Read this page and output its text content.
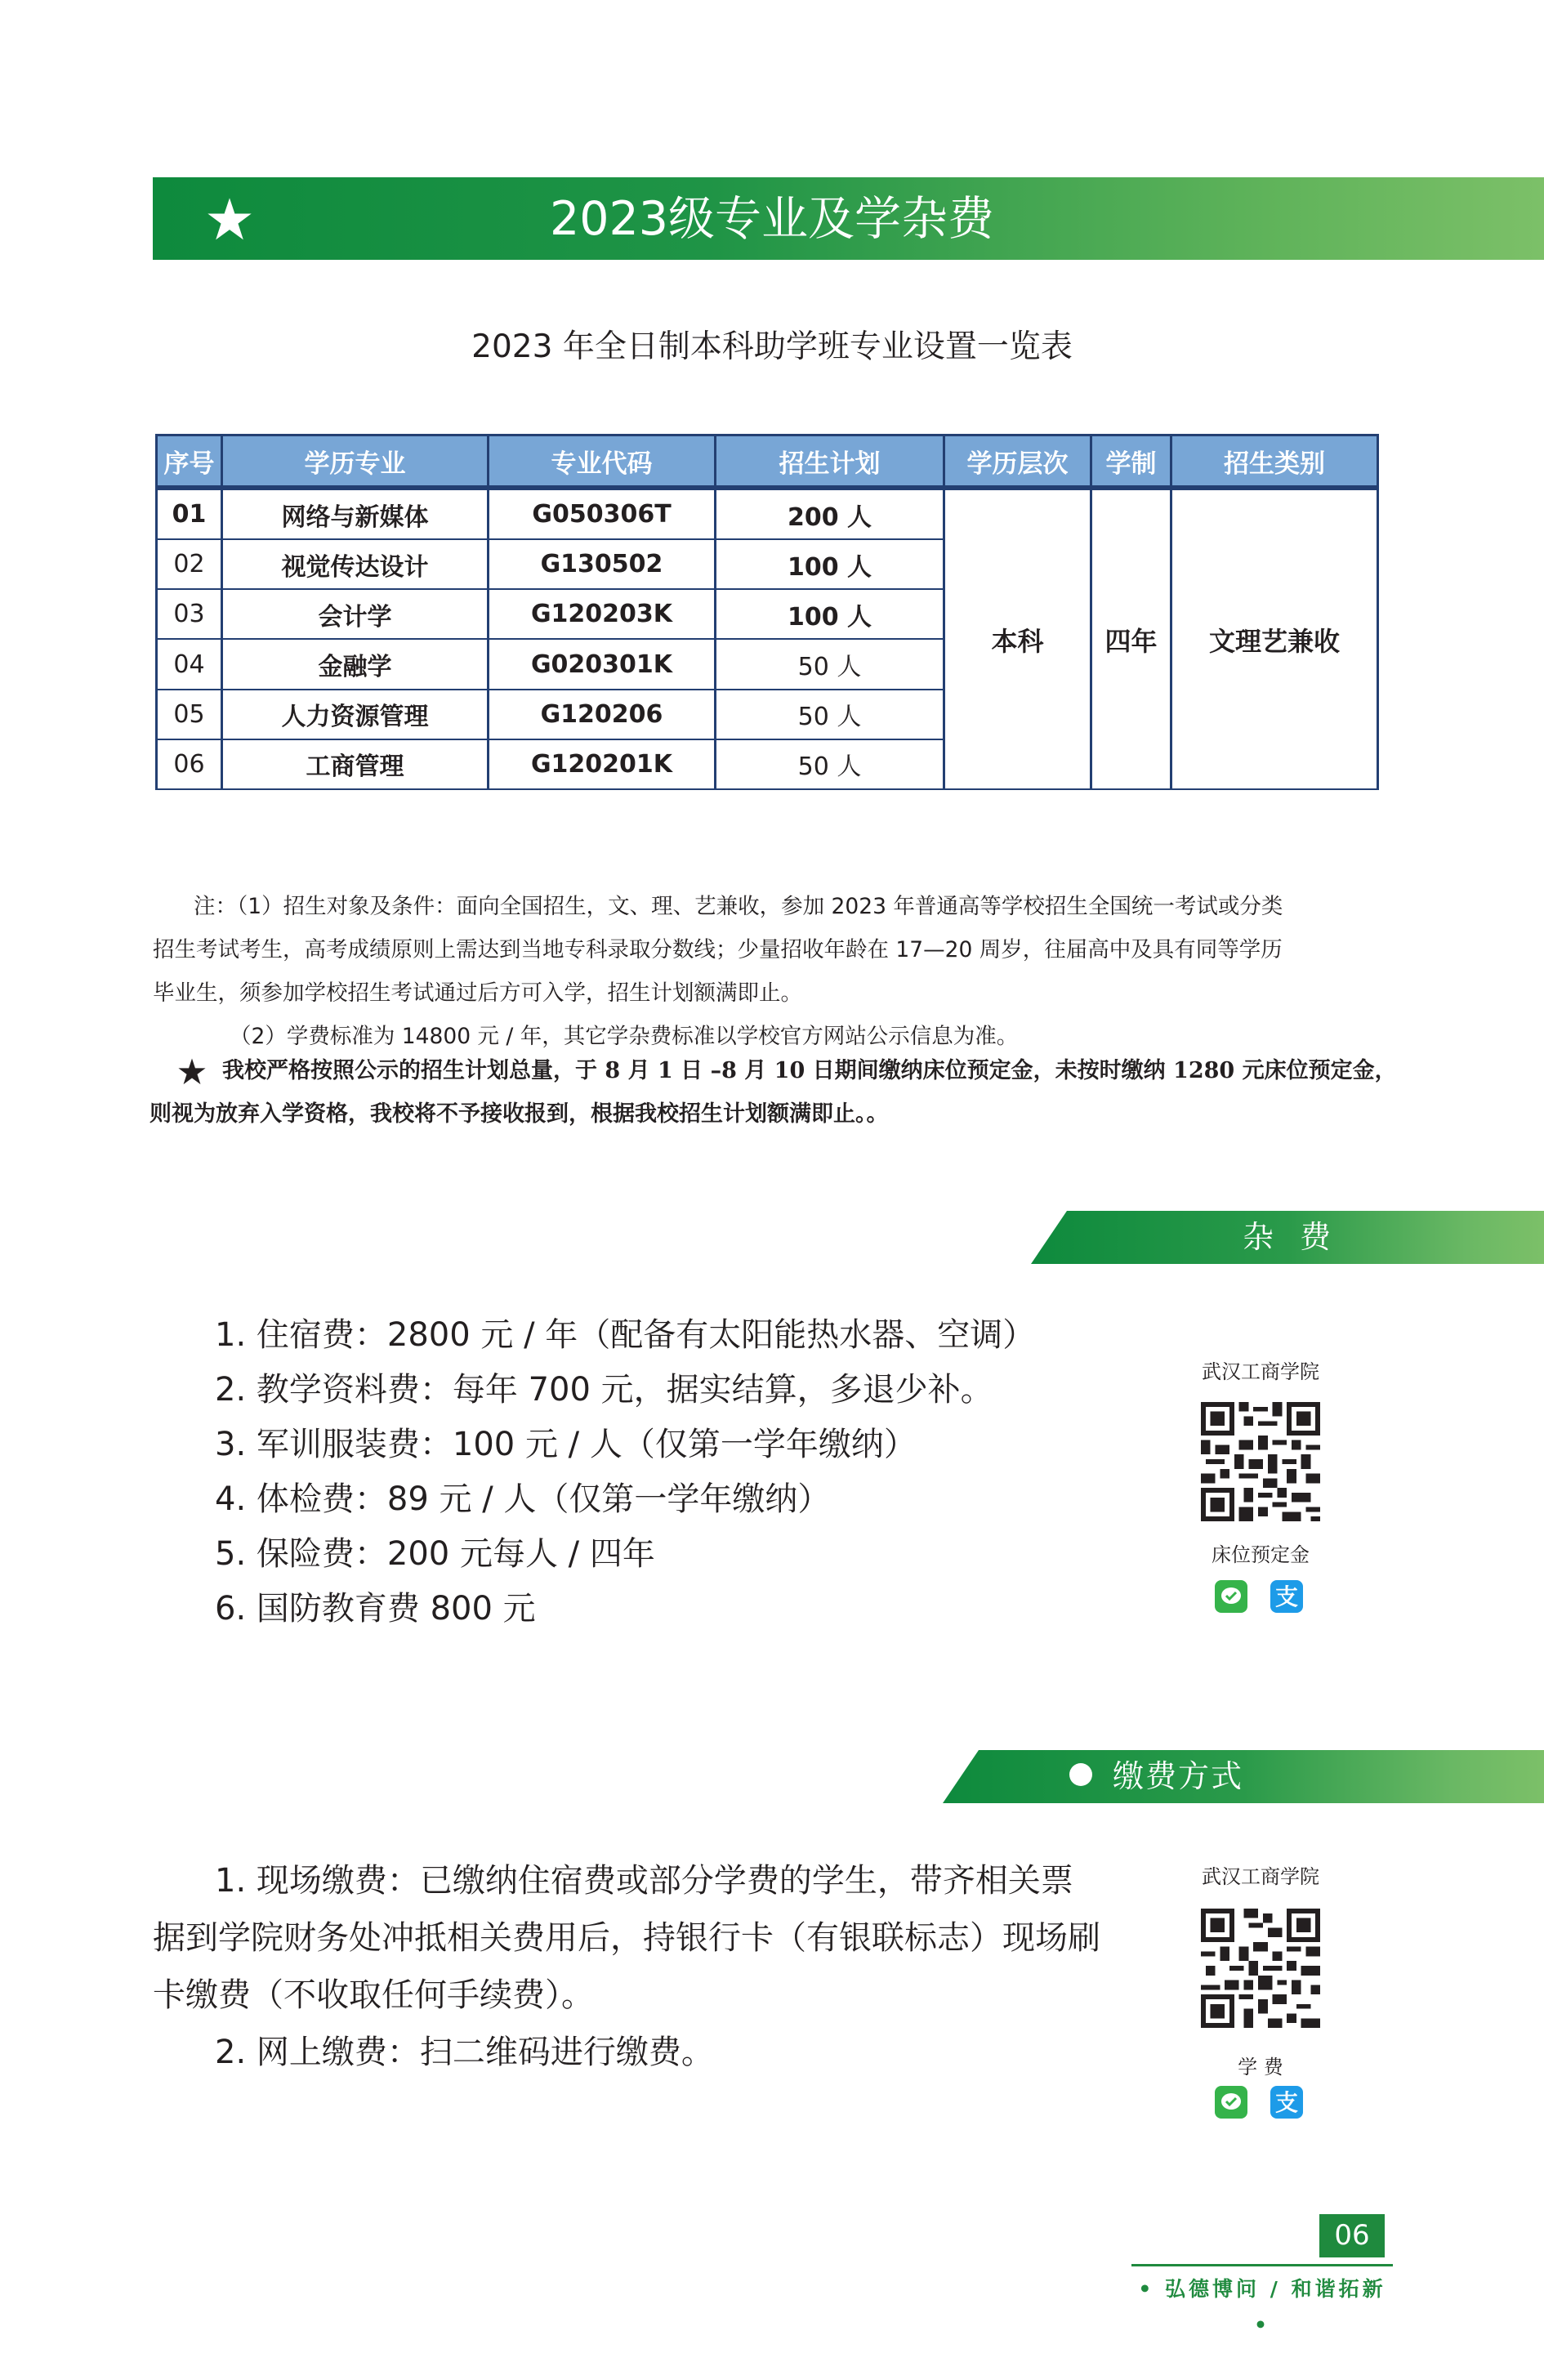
2023级专业及学杂费
2023 年全日制本科助学班专业设置一览表
序号	学历专业	专业代码	招生计划	学历层次	学制	招生类别
01	网络与新媒体	G050306T	200 人	本科	四年	文理艺兼收
02	视觉传达设计	G130502	100 人			
03	会计学	G120203K	100 人			
04	金融学	G020301K	50 人			
05	人力资源管理	G120206	50 人			
06	工商管理	G120201K	50 人			
注：（1）招生对象及条件：面向全国招生，文、理、艺兼收，参加 2023 年普通高等学校招生全国统一考试或分类
招生考试考生，高考成绩原则上需达到当地专科录取分数线；少量招收年龄在 17—20 周岁，往届高中及具有同等学历
毕业生，须参加学校招生考试通过后方可入学，招生计划额满即止。
（2）学费标准为 14800 元 / 年，其它学杂费标准以学校官方网站公示信息为准。
我校严格按照公示的招生计划总量，于 8 月 1 日 –8 月 10 日期间缴纳床位预定金，未按时缴纳 1280 元床位预定金，
则视为放弃入学资格，我校将不予接收报到，根据我校招生计划额满即止。。
杂 费
1. 住宿费：2800 元 / 年（配备有太阳能热水器、空调）
2. 教学资料费：每年 700 元，据实结算，多退少补。
3. 军训服装费：100 元 / 人（仅第一学年缴纳）
4. 体检费：89 元 / 人（仅第一学年缴纳）
5. 保险费：200 元每人 / 四年
6. 国防教育费 800 元
武汉工商学院
床位预定金
支
缴费方式
1. 现场缴费：已缴纳住宿费或部分学费的学生，带齐相关票
据到学院财务处冲抵相关费用后，持银行卡（有银联标志）现场刷
卡缴费（不收取任何手续费）。
2. 网上缴费：扫二维码进行缴费。
武汉工商学院
学 费
支
06
• 弘德博问 / 和谐拓新 •
